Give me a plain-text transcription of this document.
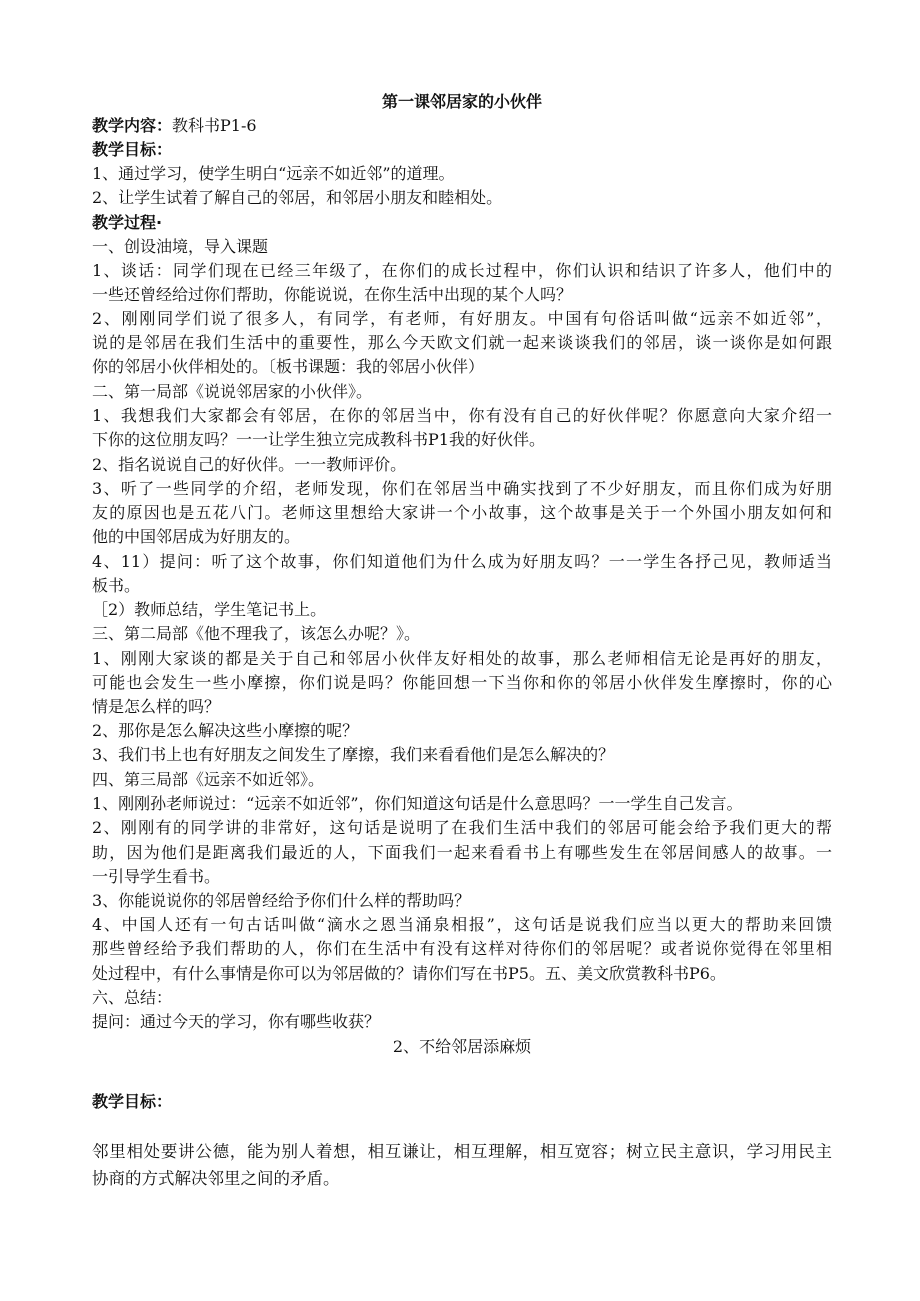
第一课邻居家的小伙伴
教学内容：教科书P1-6
教学目标：
1、通过学习，使学生明白“远亲不如近邻”的道理。
2、让学生试着了解自己的邻居，和邻居小朋友和睦相处。
教学过程·
一、创设油境，导入课题
1、谈话：同学们现在已经三年级了，在你们的成长过程中，你们认识和结识了许多人，他们中的
一些还曾经给过你们帮助，你能说说，在你生活中出现的某个人吗？
2、刚刚同学们说了很多人，有同学，有老师，有好朋友。中国有句俗话叫做“远亲不如近邻”，
说的是邻居在我们生活中的重要性，那么今天欧文们就一起来谈谈我们的邻居，谈一谈你是如何跟
你的邻居小伙伴相处的。〔板书课题：我的邻居小伙伴）
二、第一局部《说说邻居家的小伙伴》。
1、我想我们大家都会有邻居，在你的邻居当中，你有没有自己的好伙伴呢？你愿意向大家介绍一
下你的这位朋友吗？一一让学生独立完成教科书P1我的好伙伴。
2、指名说说自己的好伙伴。一一教师评价。
3、听了一些同学的介绍，老师发现，你们在邻居当中确实找到了不少好朋友，而且你们成为好朋
友的原因也是五花八门。老师这里想给大家讲一个小故事，这个故事是关于一个外国小朋友如何和
他的中国邻居成为好朋友的。
4、11）提问：听了这个故事，你们知道他们为什么成为好朋友吗？一一学生各抒己见，教师适当
板书。
［2）教师总结，学生笔记书上。
三、第二局部《他不理我了，该怎么办呢？》。
1、刚刚大家谈的都是关于自己和邻居小伙伴友好相处的故事，那么老师相信无论是再好的朋友，
可能也会发生一些小摩擦，你们说是吗？你能回想一下当你和你的邻居小伙伴发生摩擦时，你的心
情是怎么样的吗？
2、那你是怎么解决这些小摩擦的呢？
3、我们书上也有好朋友之间发生了摩擦，我们来看看他们是怎么解决的？
四、第三局部《远亲不如近邻》。
1、刚刚孙老师说过：“远亲不如近邻”，你们知道这句话是什么意思吗？一一学生自己发言。
2、刚刚有的同学讲的非常好，这句话是说明了在我们生活中我们的邻居可能会给予我们更大的帮
助，因为他们是距离我们最近的人，下面我们一起来看看书上有哪些发生在邻居间感人的故事。一
一引导学生看书。
3、你能说说你的邻居曾经给予你们什么样的帮助吗？
4、中国人还有一句古话叫做“滴水之恩当涌泉相报”，这句话是说我们应当以更大的帮助来回馈
那些曾经给予我们帮助的人，你们在生活中有没有这样对待你们的邻居呢？或者说你觉得在邻里相
处过程中，有什么事情是你可以为邻居做的？请你们写在书P5。五、美文欣赏教科书P6。
六、总结：
提问：通过今天的学习，你有哪些收获？
2、不给邻居添麻烦
教学目标：
邻里相处要讲公德，能为别人着想，相互谦让，相互理解，相互宽容；树立民主意识，学习用民主
协商的方式解决邻里之间的矛盾。
